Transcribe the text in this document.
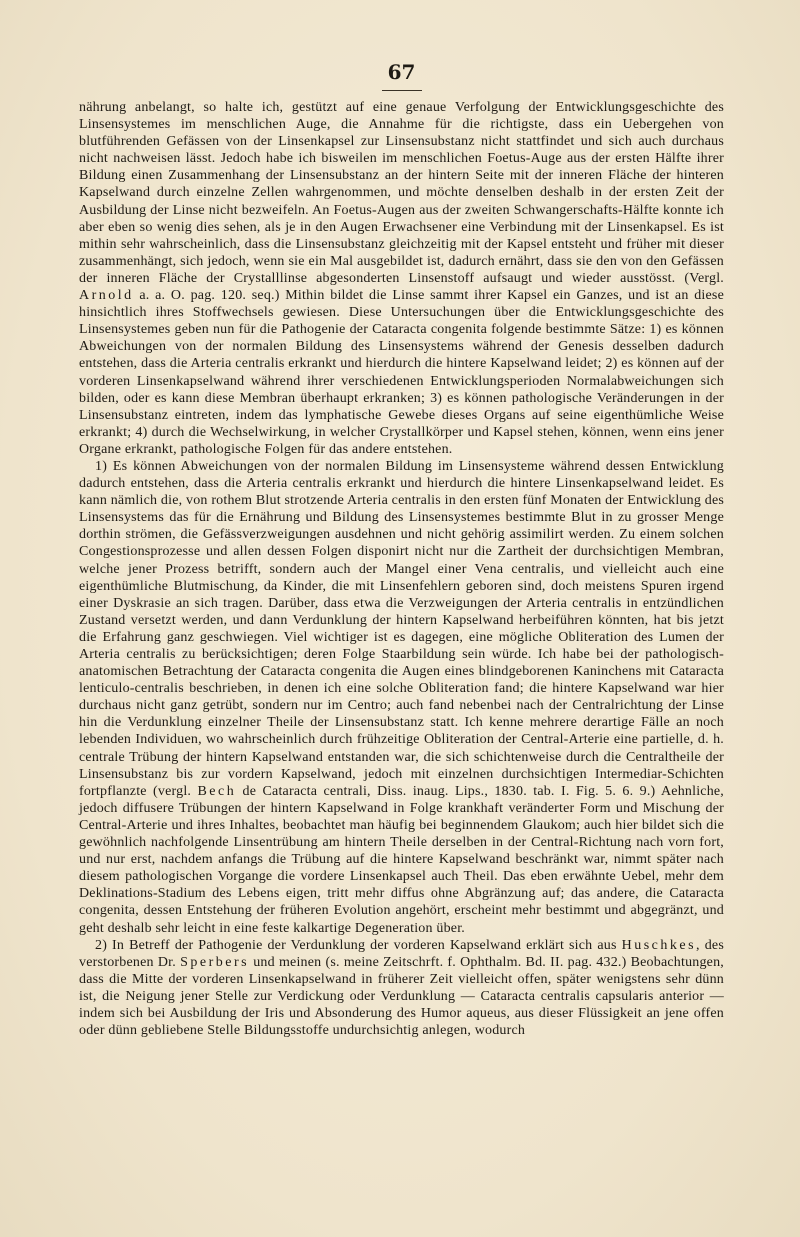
67

nährung anbelangt, so halte ich, gestützt auf eine genaue Verfolgung der Entwicklungsgeschichte des Linsensystemes im menschlichen Auge, die Annahme für die richtigste, dass ein Uebergehen von blutführenden Gefässen von der Linsenkapsel zur Linsensubstanz nicht stattfindet und sich auch durchaus nicht nachweisen lässt. Jedoch habe ich bisweilen im menschlichen Foetus-Auge aus der ersten Hälfte ihrer Bildung einen Zusammenhang der Linsensubstanz an der hintern Seite mit der inneren Fläche der hinteren Kapselwand durch einzelne Zellen wahrgenommen, und möchte denselben deshalb in der ersten Zeit der Ausbildung der Linse nicht bezweifeln. An Foetus-Augen aus der zweiten Schwangerschafts-Hälfte konnte ich aber eben so wenig dies sehen, als je in den Augen Erwachsener eine Verbindung mit der Linsenkapsel. Es ist mithin sehr wahrscheinlich, dass die Linsensubstanz gleichzeitig mit der Kapsel entsteht und früher mit dieser zusammenhängt, sich jedoch, wenn sie ein Mal ausgebildet ist, dadurch ernährt, dass sie den von den Gefässen der inneren Fläche der Crystalllinse abgesonderten Linsenstoff aufsaugt und wieder ausstösst. (Vergl. Arnold a. a. O. pag. 120. seq.) Mithin bildet die Linse sammt ihrer Kapsel ein Ganzes, und ist an diese hinsichtlich ihres Stoffwechsels gewiesen. Diese Untersuchungen über die Entwicklungsgeschichte des Linsensystemes geben nun für die Pathogenie der Cataracta congenita folgende bestimmte Sätze: 1) es können Abweichungen von der normalen Bildung des Linsensystems während der Genesis desselben dadurch entstehen, dass die Arteria centralis erkrankt und hierdurch die hintere Kapselwand leidet; 2) es können auf der vorderen Linsenkapselwand während ihrer verschiedenen Entwicklungsperioden Normalabweichungen sich bilden, oder es kann diese Membran überhaupt erkranken; 3) es können pathologische Veränderungen in der Linsensubstanz eintreten, indem das lymphatische Gewebe dieses Organs auf seine eigenthümliche Weise erkrankt; 4) durch die Wechselwirkung, in welcher Crystallkörper und Kapsel stehen, können, wenn eins jener Organe erkrankt, pathologische Folgen für das andere entstehen.

1) Es können Abweichungen von der normalen Bildung im Linsensysteme während dessen Entwicklung dadurch entstehen, dass die Arteria centralis erkrankt und hierdurch die hintere Linsenkapselwand leidet. Es kann nämlich die, von rothem Blut strotzende Arteria centralis in den ersten fünf Monaten der Entwicklung des Linsensystems das für die Ernährung und Bildung des Linsensystemes bestimmte Blut in zu grosser Menge dorthin strömen, die Gefässverzweigungen ausdehnen und nicht gehörig assimilirt werden. Zu einem solchen Congestionsprozesse und allen dessen Folgen disponirt nicht nur die Zartheit der durchsichtigen Membran, welche jener Prozess betrifft, sondern auch der Mangel einer Vena centralis, und vielleicht auch eine eigenthümliche Blutmischung, da Kinder, die mit Linsenfehlern geboren sind, doch meistens Spuren irgend einer Dyskrasie an sich tragen. Darüber, dass etwa die Verzweigungen der Arteria centralis in entzündlichen Zustand versetzt werden, und dann Verdunklung der hintern Kapselwand herbeiführen könnten, hat bis jetzt die Erfahrung ganz geschwiegen. Viel wichtiger ist es dagegen, eine mögliche Obliteration des Lumen der Arteria centralis zu berücksichtigen; deren Folge Staarbildung sein würde. Ich habe bei der pathologisch-anatomischen Betrachtung der Cataracta congenita die Augen eines blindgeborenen Kaninchens mit Cataracta lenticulo-centralis beschrieben, in denen ich eine solche Obliteration fand; die hintere Kapselwand war hier durchaus nicht ganz getrübt, sondern nur im Centro; auch fand nebenbei nach der Centralrichtung der Linse hin die Verdunklung einzelner Theile der Linsensubstanz statt. Ich kenne mehrere derartige Fälle an noch lebenden Individuen, wo wahrscheinlich durch frühzeitige Obliteration der Central-Arterie eine partielle, d. h. centrale Trübung der hintern Kapselwand entstanden war, die sich schichtenweise durch die Centraltheile der Linsensubstanz bis zur vordern Kapselwand, jedoch mit einzelnen durchsichtigen Intermediar-Schichten fortpflanzte (vergl. Bech de Cataracta centrali, Diss. inaug. Lips., 1830. tab. I. Fig. 5. 6. 9.) Aehnliche, jedoch diffusere Trübungen der hintern Kapselwand in Folge krankhaft veränderter Form und Mischung der Central-Arterie und ihres Inhaltes, beobachtet man häufig bei beginnendem Glaukom; auch hier bildet sich die gewöhnlich nachfolgende Linsentrübung am hintern Theile derselben in der Central-Richtung nach vorn fort, und nur erst, nachdem anfangs die Trübung auf die hintere Kapselwand beschränkt war, nimmt später nach diesem pathologischen Vorgange die vordere Linsenkapsel auch Theil. Das eben erwähnte Uebel, mehr dem Deklinations-Stadium des Lebens eigen, tritt mehr diffus ohne Abgränzung auf; das andere, die Cataracta congenita, dessen Entstehung der früheren Evolution angehört, erscheint mehr bestimmt und abgegränzt, und geht deshalb sehr leicht in eine feste kalkartige Degeneration über.

2) In Betreff der Pathogenie der Verdunklung der vorderen Kapselwand erklärt sich aus Huschkes, des verstorbenen Dr. Sperbers und meinen (s. meine Zeitschrft. f. Ophthalm. Bd. II. pag. 432.) Beobachtungen, dass die Mitte der vorderen Linsenkapselwand in früherer Zeit vielleicht offen, später wenigstens sehr dünn ist, die Neigung jener Stelle zur Verdickung oder Verdunklung — Cataracta centralis capsularis anterior — indem sich bei Ausbildung der Iris und Absonderung des Humor aqueus, aus dieser Flüssigkeit an jene offen oder dünn gebliebene Stelle Bildungsstoffe undurchsichtig anlegen, wodurch
